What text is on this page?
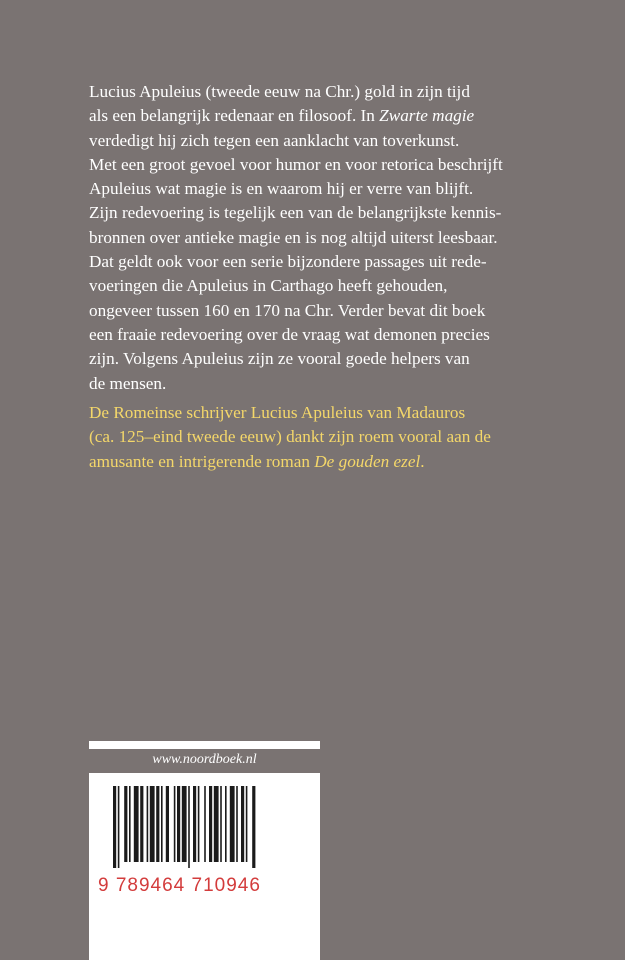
Lucius Apuleius (tweede eeuw na Chr.) gold in zijn tijd
als een belangrijk redenaar en filosoof. In Zwarte magie
verdedigt hij zich tegen een aanklacht van toverkunst.
Met een groot gevoel voor humor en voor retorica beschrijft
Apuleius wat magie is en waarom hij er verre van blijft.
Zijn redevoering is tegelijk een van de belangrijkste kennis-
bronnen over antieke magie en is nog altijd uiterst leesbaar.
Dat geldt ook voor een serie bijzondere passages uit rede-
voeringen die Apuleius in Carthago heeft gehouden,
ongeveer tussen 160 en 170 na Chr. Verder bevat dit boek
een fraaie redevoering over de vraag wat demonen precies
zijn. Volgens Apuleius zijn ze vooral goede helpers van
de mensen.
De Romeinse schrijver Lucius Apuleius van Madauros
(ca. 125–eind tweede eeuw) dankt zijn roem vooral aan de
amusante en intrigerende roman De gouden ezel.
www.noordboek.nl
9 789464 710946
